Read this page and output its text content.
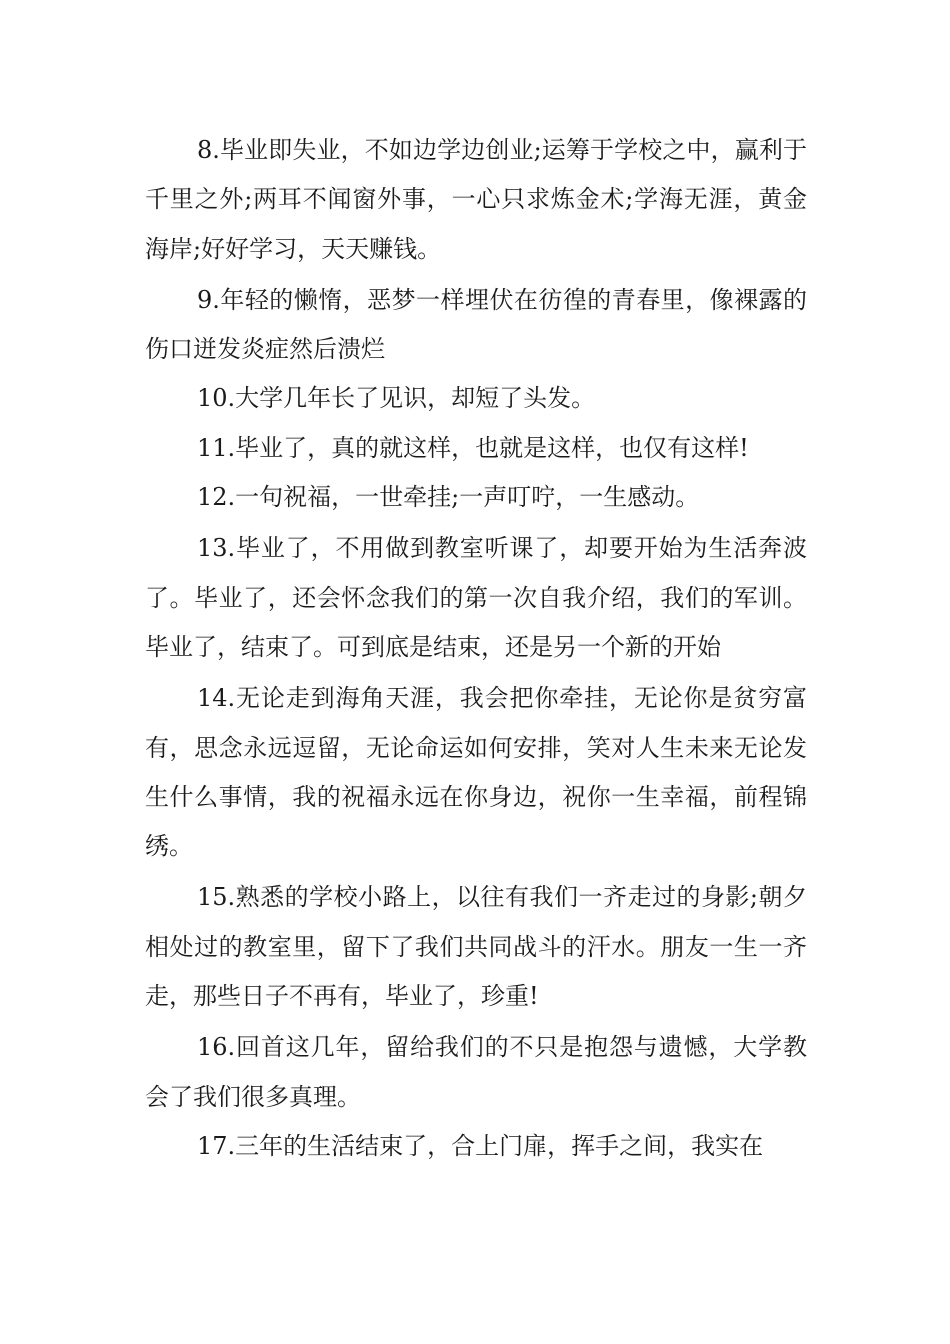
8.毕业即失业，不如边学边创业;运筹于学校之中，赢利于千里之外;两耳不闻窗外事，一心只求炼金术;学海无涯，黄金海岸;好好学习，天天赚钱。

9.年轻的懒惰，恶梦一样埋伏在彷徨的青春里，像裸露的伤口迸发炎症然后溃烂

10.大学几年长了见识，却短了头发。

11.毕业了，真的就这样，也就是这样，也仅有这样!

12.一句祝福，一世牵挂;一声叮咛，一生感动。

13.毕业了，不用做到教室听课了，却要开始为生活奔波了。毕业了，还会怀念我们的第一次自我介绍，我们的军训。毕业了，结束了。可到底是结束，还是另一个新的开始

14.无论走到海角天涯，我会把你牵挂，无论你是贫穷富有，思念永远逗留，无论命运如何安排，笑对人生未来无论发生什么事情，我的祝福永远在你身边，祝你一生幸福，前程锦绣。

15.熟悉的学校小路上，以往有我们一齐走过的身影;朝夕相处过的教室里，留下了我们共同战斗的汗水。朋友一生一齐走，那些日子不再有，毕业了，珍重!

16.回首这几年，留给我们的不只是抱怨与遗憾，大学教会了我们很多真理。

17.三年的生活结束了，合上门扉，挥手之间，我实在
